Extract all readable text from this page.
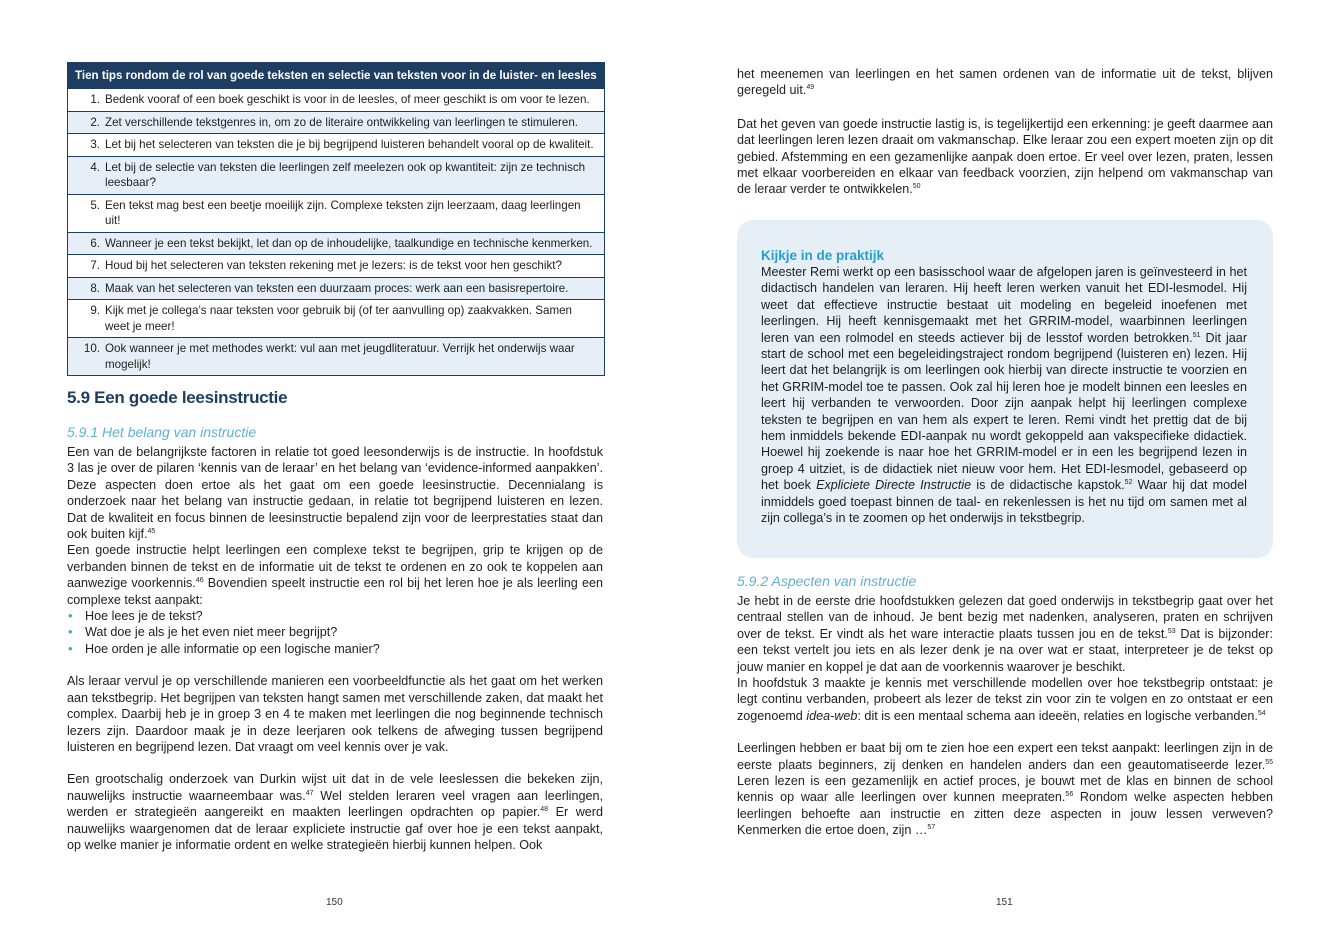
Tien tips rondom de rol van goede teksten en selectie van teksten voor in de luister- en leesles
1. Bedenk vooraf of een boek geschikt is voor in de leesles, of meer geschikt is om voor te lezen.
2. Zet verschillende tekstgenres in, om zo de literaire ontwikkeling van leerlingen te stimuleren.
3. Let bij het selecteren van teksten die je bij begrijpend luisteren behandelt vooral op de kwaliteit.
4. Let bij de selectie van teksten die leerlingen zelf meelezen ook op kwantiteit: zijn ze technisch leesbaar?
5. Een tekst mag best een beetje moeilijk zijn. Complexe teksten zijn leerzaam, daag leerlingen uit!
6. Wanneer je een tekst bekijkt, let dan op de inhoudelijke, taalkundige en technische kenmerken.
7. Houd bij het selecteren van teksten rekening met je lezers: is de tekst voor hen geschikt?
8. Maak van het selecteren van teksten een duurzaam proces: werk aan een basisrepertoire.
9. Kijk met je collega’s naar teksten voor gebruik bij (of ter aanvulling op) zaakvakken. Samen weet je meer!
10. Ook wanneer je met methodes werkt: vul aan met jeugdliteratuur. Verrijk het onderwijs waar mogelijk!
5.9 Een goede leesinstructie
5.9.1 Het belang van instructie

Een van de belangrijkste factoren in relatie tot goed leesonderwijs is de instructie. In hoofdstuk 3 las je over de pilaren ‘kennis van de leraar’ en het belang van ‘evidence-informed aanpakken’. Deze aspecten doen ertoe als het gaat om een goede leesinstructie. Decennialang is onderzoek naar het belang van instructie gedaan, in relatie tot begrijpend luisteren en lezen. Dat de kwaliteit en focus binnen de leesinstructie bepalend zijn voor de leerprestaties staat dan ook buiten kijf.$^{45}$

Een goede instructie helpt leerlingen een complexe tekst te begrijpen, grip te krijgen op de verbanden binnen de tekst en de informatie uit de tekst te ordenen en zo ook te koppelen aan aanwezige voorkennis.$^{46}$ Bovendien speelt instructie een rol bij het leren hoe je als leerling een complexe tekst aanpakt:

• Hoe lees je de tekst?
• Wat doe je als je het even niet meer begrijpt?
• Hoe orden je alle informatie op een logische manier?

Als leraar vervul je op verschillende manieren een voorbeeldfunctie als het gaat om het werken aan tekstbegrip. Het begrijpen van teksten hangt samen met verschillende zaken, dat maakt het complex. Daarbij heb je in groep 3 en 4 te maken met leerlingen die nog beginnende technisch lezers zijn. Daardoor maak je in deze leerjaren ook telkens de afweging tussen begrijpend luisteren en begrijpend lezen. Dat vraagt om veel kennis over je vak.

Een grootschalig onderzoek van Durkin wijst uit dat in de vele leeslessen die bekeken zijn, nauwelijks instructie waarneembaar was.$^{47}$ Wel stelden leraren veel vragen aan leerlingen, werden er strategieën aangereikt en maakten leerlingen opdrachten op papier.$^{48}$ Er werd nauwelijks waargenomen dat de leraar expliciete instructie gaf over hoe je een tekst aanpakt, op welke manier je informatie ordent en welke strategieën hierbij kunnen helpen. Ook

150

het meenemen van leerlingen en het samen ordenen van de informatie uit de tekst, blijven geregeld uit.$^{49}$

Dat het geven van goede instructie lastig is, is tegelijkertijd een erkenning: je geeft daarmee aan dat leerlingen leren lezen draait om vakmanschap. Elke leraar zou een expert moeten zijn op dit gebied. Afstemming en een gezamenlijke aanpak doen ertoe. Er veel over lezen, praten, lessen met elkaar voorbereiden en elkaar van feedback voorzien, zijn helpend om vakmanschap van de leraar verder te ontwikkelen.$^{50}$

Kijkje in de praktijk

Meester Remi werkt op een basisschool waar de afgelopen jaren is geïnvesteerd in het didactisch handelen van leraren. Hij heeft leren werken vanuit het EDI-lesmodel. Hij weet dat effectieve instructie bestaat uit modeling en begeleid inoefenen met leerlingen. Hij heeft kennisgemaakt met het GRRIM-model, waarbinnen leerlingen leren van een rolmodel en steeds actiever bij de lesstof worden betrokken.$^{51}$ Dit jaar start de school met een begeleidingstraject rondom begrijpend (luisteren en) lezen. Hij leert dat het belangrijk is om leerlingen ook hierbij van directe instructie te voorzien en het GRRIM-model toe te passen. Ook zal hij leren hoe je modelt binnen een leesles en leert hij verbanden te verwoorden. Door zijn aanpak helpt hij leerlingen complexe teksten te begrijpen en van hem als expert te leren. Remi vindt het prettig dat de bij hem inmiddels bekende EDI-aanpak nu wordt gekoppeld aan vakspecifieke didactiek. Hoewel hij zoekende is naar hoe het GRRIM-model er in een les begrijpend lezen in groep 4 uitziet, is de didactiek niet nieuw voor hem. Het EDI-lesmodel, gebaseerd op het boek Expliciete Directe Instructie is de didactische kapstok.$^{52}$ Waar hij dat model inmiddels goed toepast binnen de taal- en rekenlessen is het nu tijd om samen met al zijn collega’s in te zoomen op het onderwijs in tekstbegrip.

5.9.2 Aspecten van instructie

Je hebt in de eerste drie hoofdstukken gelezen dat goed onderwijs in tekstbegrip gaat over het centraal stellen van de inhoud. Je bent bezig met nadenken, analyseren, praten en schrijven over de tekst. Er vindt als het ware interactie plaats tussen jou en de tekst.$^{53}$ Dat is bijzonder: een tekst vertelt jou iets en als lezer denk je na over wat er staat, interpreteer je de tekst op jouw manier en koppel je dat aan de voorkennis waarover je beschikt.

In hoofdstuk 3 maakte je kennis met verschillende modellen over hoe tekstbegrip ontstaat: je legt continu verbanden, probeert als lezer de tekst zin voor zin te volgen en zo ontstaat er een zogenoemd idea-web: dit is een mentaal schema aan ideeën, relaties en logische verbanden.$^{54}$

Leerlingen hebben er baat bij om te zien hoe een expert een tekst aanpakt: leerlingen zijn in de eerste plaats beginners, zij denken en handelen anders dan een geautomatiseerde lezer.$^{55}$ Leren lezen is een gezamenlijk en actief proces, je bouwt met de klas en binnen de school kennis op waar alle leerlingen over kunnen meepraten.$^{56}$ Rondom welke aspecten hebben leerlingen behoefte aan instructie en zitten deze aspecten in jouw lessen verweven? Kenmerken die ertoe doen, zijn …$^{57}$

151
